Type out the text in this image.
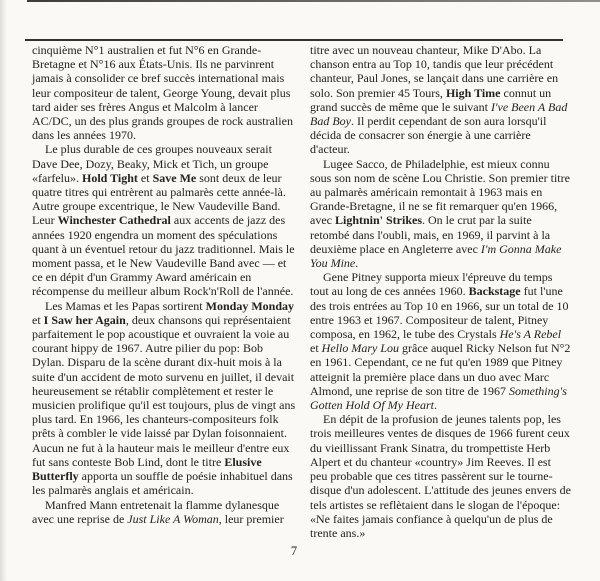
cinquième N°1 australien et fut N°6 en Grande-Bretagne et N°16 aux États-Unis. Ils ne parvinrent jamais à consolider ce bref succès international mais leur compositeur de talent, George Young, devait plus tard aider ses frères Angus et Malcolm à lancer AC/DC, un des plus grands groupes de rock australien dans les années 1970.

Le plus durable de ces groupes nouveaux serait Dave Dee, Dozy, Beaky, Mick et Tich, un groupe «farfelu». Hold Tight et Save Me sont deux de leur quatre titres qui entrèrent au palmarès cette année-là. Autre groupe excentrique, le New Vaudeville Band. Leur Winchester Cathedral aux accents de jazz des années 1920 engendra un moment des spéculations quant à un éventuel retour du jazz traditionnel. Mais le moment passa, et le New Vaudeville Band avec — et ce en dépit d'un Grammy Award américain en récompense du meilleur album Rock'n'Roll de l'année.

Les Mamas et les Papas sortirent Monday Monday et I Saw her Again, deux chansons qui représentaient parfaitement le pop acoustique et ouvraient la voie au courant hippy de 1967. Autre pilier du pop: Bob Dylan. Disparu de la scène durant dix-huit mois à la suite d'un accident de moto survenu en juillet, il devait heureusement se rétablir complètement et rester le musicien prolifique qu'il est toujours, plus de vingt ans plus tard. En 1966, les chanteurs-compositeurs folk prêts à combler le vide laissé par Dylan foisonnaient. Aucun ne fut à la hauteur mais le meilleur d'entre eux fut sans conteste Bob Lind, dont le titre Elusive Butterfly apporta un souffle de poésie inhabituel dans les palmarès anglais et américain.

Manfred Mann entretenait la flamme dylanesque avec une reprise de Just Like A Woman, leur premier

titre avec un nouveau chanteur, Mike D'Abo. La chanson entra au Top 10, tandis que leur précédent chanteur, Paul Jones, se lançait dans une carrière en solo. Son premier 45 Tours, High Time connut un grand succès de même que le suivant I've Been A Bad Bad Boy. Il perdit cependant de son aura lorsqu'il décida de consacrer son énergie à une carrière d'acteur.

Lugee Sacco, de Philadelphie, est mieux connu sous son nom de scène Lou Christie. Son premier titre au palmarès américain remontait à 1963 mais en Grande-Bretagne, il ne se fit remarquer qu'en 1966, avec Lightnin' Strikes. On le crut par la suite retombé dans l'oubli, mais, en 1969, il parvint à la deuxième place en Angleterre avec I'm Gonna Make You Mine.

Gene Pitney supporta mieux l'épreuve du temps tout au long de ces années 1960. Backstage fut l'une des trois entrées au Top 10 en 1966, sur un total de 10 entre 1963 et 1967. Compositeur de talent, Pitney composa, en 1962, le tube des Crystals He's A Rebel et Hello Mary Lou grâce auquel Ricky Nelson fut N°2 en 1961. Cependant, ce ne fut qu'en 1989 que Pitney atteignit la première place dans un duo avec Marc Almond, une reprise de son titre de 1967 Something's Gotten Hold Of My Heart.

En dépit de la profusion de jeunes talents pop, les trois meilleures ventes de disques de 1966 furent ceux du vieillissant Frank Sinatra, du trompettiste Herb Alpert et du chanteur «country» Jim Reeves. Il est peu probable que ces titres passèrent sur le tourne-disque d'un adolescent. L'attitude des jeunes envers de tels artistes se reflètaient dans le slogan de l'époque: «Ne faites jamais confiance à quelqu'un de plus de trente ans.»

7
